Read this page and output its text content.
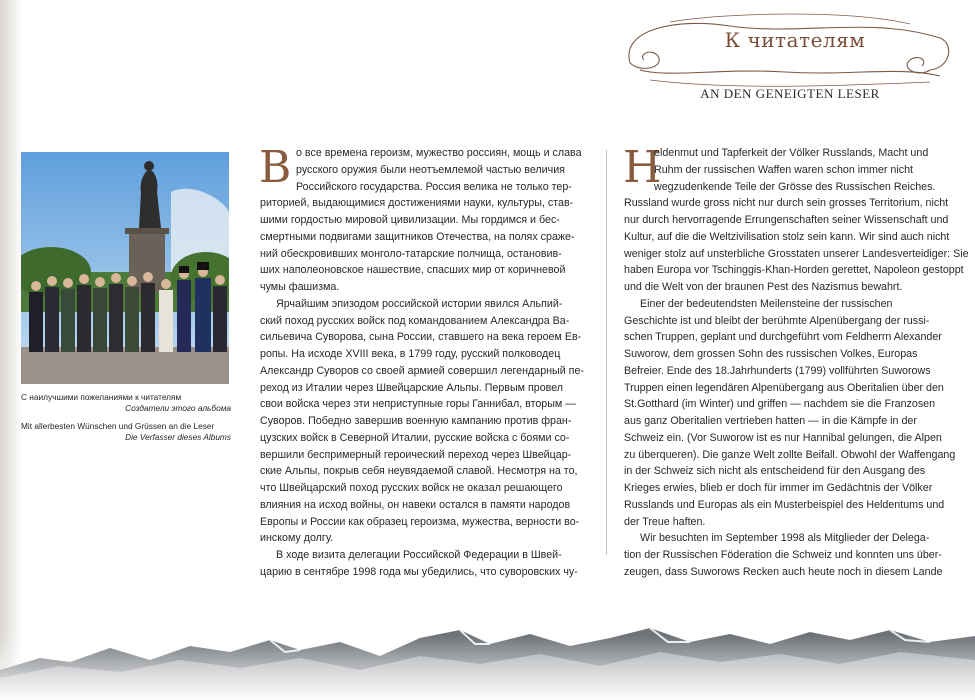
К читателям
AN DEN GENEIGTEN LESER
С наилучшими пожеланиями к читателям
Создатели этого альбома
Mit allerbesten Wünschen und Grüssen an die Leser
Die Verfasser dieses Albums
В	H

о все времена героизм, мужество россиян, мощь и слава

русского оружия были неотъемлемой частью величия

Российского государства. Россия велика не только тер-

риторией, выдающимися достижениями науки, культуры, став-

шими гордостью мировой цивилизации. Мы гордимся и бес-

смертными подвигами защитников Отечества, на полях сраже-

ний обескровивших монголо-татарские полчища, остановив-

ших наполеоновское нашествие, спасших мир от коричневой

чумы фашизма.

Ярчайшим эпизодом российской истории явился Альпий-

ский поход русских войск под командованием Александра Ва-

сильевича Суворова, сына России, ставшего на века героем Ев-

ропы. На исходе XVIII века, в 1799 году, русский полководец

Александр Суворов со своей армией совершил легендарный пе-

реход из Италии через Швейцарские Альпы. Первым провел

свои войска через эти неприступные горы Ганнибал, вторым —

Суворов. Победно завершив военную кампанию против фран-

цузских войск в Северной Италии, русские войска с боями со-

вершили беспримерный героический переход через Швейцар-

ские Альпы, покрыв себя неувядаемой славой. Несмотря на то,

что Швейцарский поход русских войск не оказал решающего

влияния на исход войны, он навеки остался в памяти народов

Европы и России как образец героизма, мужества, верности во-

инскому долгу.

В ходе визита делегации Российской Федерации в Швей-

царию в сентябре 1998 года мы убедились, что суворовских чу-

eldenmut und Tapferkeit der Völker Russlands, Macht und

Ruhm der russischen Waffen waren schon immer nicht

wegzudenkende Teile der Grösse des Russischen Reiches.

Russland wurde gross nicht nur durch sein grosses Territorium, nicht

nur durch hervorragende Errungenschaften seiner Wissenschaft und

Kultur, auf die die Weltzivilisation stolz sein kann. Wir sind auch nicht

weniger stolz auf unsterbliche Grosstaten unserer Landesverteidiger: Sie

haben Europa vor Tschinggis-Khan-Horden gerettet, Napoleon gestoppt

und die Welt von der braunen Pest des Nazismus bewahrt.

Einer der bedeutendsten Meilensteine der russischen

Geschichte ist und bleibt der berühmte Alpenübergang der russi-

schen Truppen, geplant und durchgeführt vom Feldherrn Alexander

Suworow, dem grossen Sohn des russischen Volkes, Europas

Befreier. Ende des 18.Jahrhunderts (1799) vollführten Suworows

Truppen einen legendären Alpenübergang aus Oberitalien über den

St.Gotthard (im Winter) und griffen — nachdem sie die Franzosen

aus ganz Oberitalien vertrieben hatten — in die Kämpfe in der

Schweiz ein. (Vor Suworow ist es nur Hannibal gelungen, die Alpen

zu überqueren). Die ganze Welt zollte Beifall. Obwohl der Waffengang

in der Schweiz sich nicht als entscheidend für den Ausgang des

Krieges erwies, blieb er doch für immer im Gedächtnis der Völker

Russlands und Europas als ein Musterbeispiel des Heldentums und

der Treue haften.

Wir besuchten im September 1998 als Mitglieder der Delega-

tion der Russischen Föderation die Schweiz und konnten uns über-

zeugen, dass Suworows Recken auch heute noch in diesem Lande
